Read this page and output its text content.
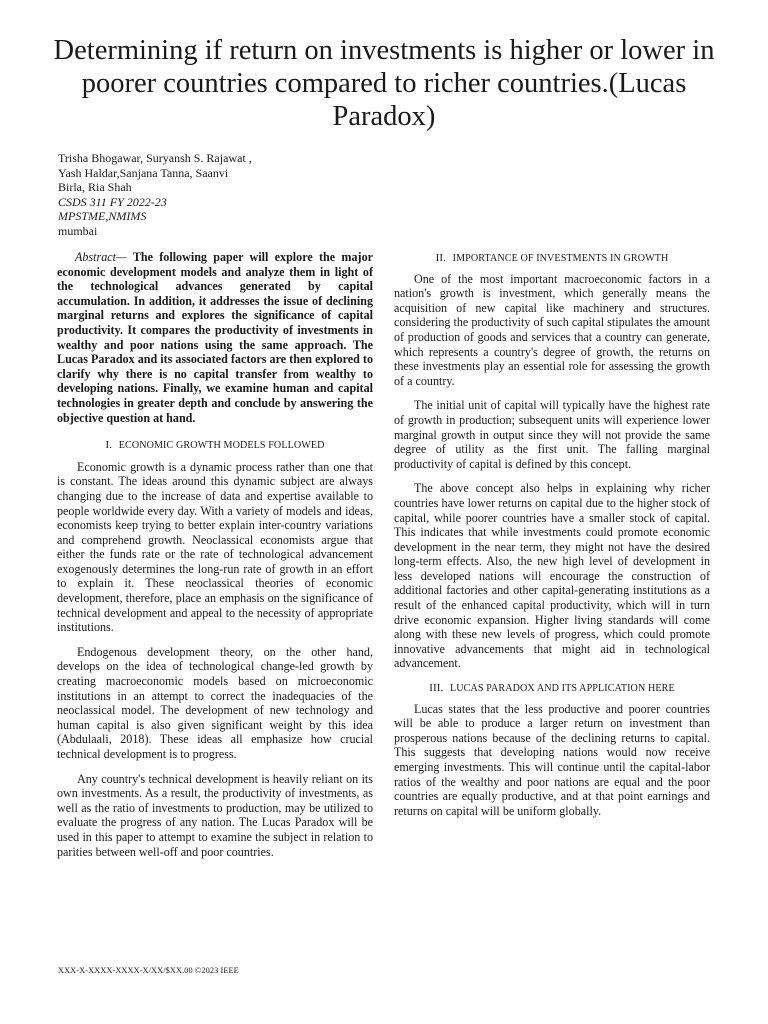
Determining if return on investments is higher or lower in poorer countries compared to richer countries.(Lucas Paradox)
Trisha Bhogawar, Suryansh S. Rajawat ,
Yash Haldar,Sanjana Tanna, Saanvi
Birla, Ria Shah
CSDS 311 FY 2022-23
MPSTME,NMIMS
mumbai

Abstract— The following paper will explore the major economic development models and analyze them in light of the technological advances generated by capital accumulation. In addition, it addresses the issue of declining marginal returns and explores the significance of capital productivity. It compares the productivity of investments in wealthy and poor nations using the same approach. The Lucas Paradox and its associated factors are then explored to clarify why there is no capital transfer from wealthy to developing nations. Finally, we examine human and capital technologies in greater depth and conclude by answering the objective question at hand.

I. ECONOMIC GROWTH MODELS FOLLOWED

Economic growth is a dynamic process rather than one that is constant. The ideas around this dynamic subject are always changing due to the increase of data and expertise available to people worldwide every day. With a variety of models and ideas, economists keep trying to better explain inter-country variations and comprehend growth. Neoclassical economists argue that either the funds rate or the rate of technological advancement exogenously determines the long-run rate of growth in an effort to explain it. These neoclassical theories of economic development, therefore, place an emphasis on the significance of technical development and appeal to the necessity of appropriate institutions.

Endogenous development theory, on the other hand, develops on the idea of technological change-led growth by creating macroeconomic models based on microeconomic institutions in an attempt to correct the inadequacies of the neoclassical model. The development of new technology and human capital is also given significant weight by this idea (Abdulaali, 2018). These ideas all emphasize how crucial technical development is to progress.

Any country's technical development is heavily reliant on its own investments. As a result, the productivity of investments, as well as the ratio of investments to production, may be utilized to evaluate the progress of any nation. The Lucas Paradox will be used in this paper to attempt to examine the subject in relation to parities between well-off and poor countries.

II. IMPORTANCE OF INVESTMENTS IN GROWTH

One of the most important macroeconomic factors in a nation's growth is investment, which generally means the acquisition of new capital like machinery and structures. considering the productivity of such capital stipulates the amount of production of goods and services that a country can generate, which represents a country's degree of growth, the returns on these investments play an essential role for assessing the growth of a country.

The initial unit of capital will typically have the highest rate of growth in production; subsequent units will experience lower marginal growth in output since they will not provide the same degree of utility as the first unit. The falling marginal productivity of capital is defined by this concept.

The above concept also helps in explaining why richer countries have lower returns on capital due to the higher stock of capital, while poorer countries have a smaller stock of capital. This indicates that while investments could promote economic development in the near term, they might not have the desired long-term effects. Also, the new high level of development in less developed nations will encourage the construction of additional factories and other capital-generating institutions as a result of the enhanced capital productivity, which will in turn drive economic expansion. Higher living standards will come along with these new levels of progress, which could promote innovative advancements that might aid in technological advancement.

III. LUCAS PARADOX AND ITS APPLICATION HERE

Lucas states that the less productive and poorer countries will be able to produce a larger return on investment than prosperous nations because of the declining returns to capital. This suggests that developing nations would now receive emerging investments. This will continue until the capital-labor ratios of the wealthy and poor nations are equal and the poor countries are equally productive, and at that point earnings and returns on capital will be uniform globally.

XXX-X-XXXX-XXXX-X/XX/$XX.00 ©2023 IEEE
